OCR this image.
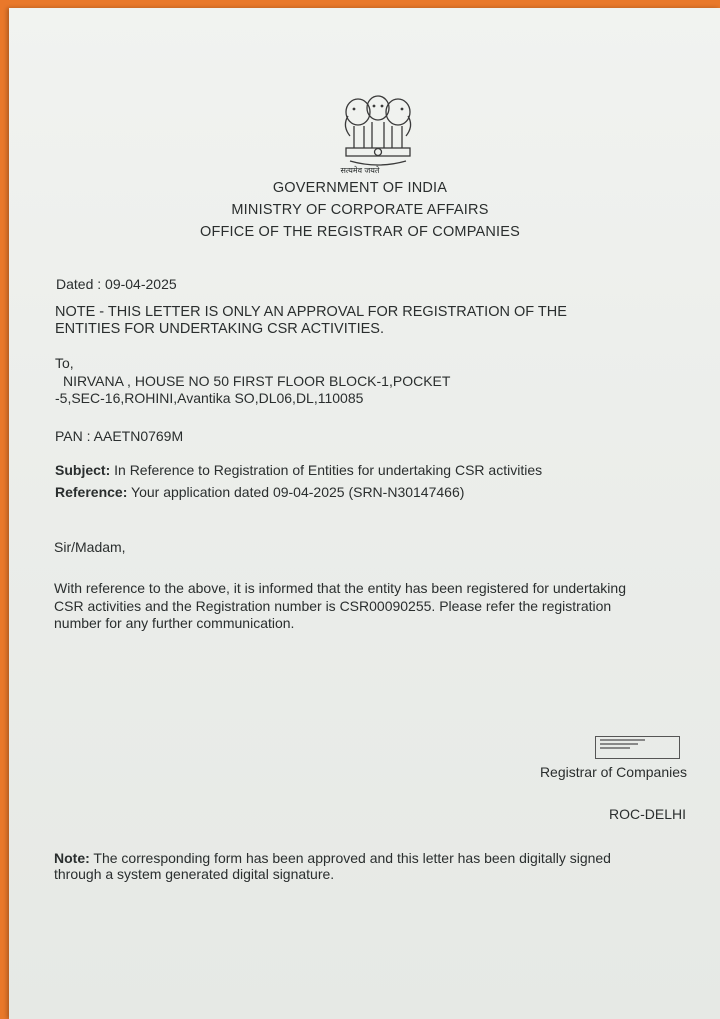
सत्यमेव जयते
GOVERNMENT OF INDIA
MINISTRY OF CORPORATE AFFAIRS
OFFICE OF THE REGISTRAR OF COMPANIES
Dated : 09-04-2025
NOTE - THIS LETTER IS ONLY AN APPROVAL FOR REGISTRATION OF THE
ENTITIES FOR UNDERTAKING CSR ACTIVITIES.
To,
NIRVANA , HOUSE NO 50 FIRST FLOOR BLOCK-1,POCKET
-5,SEC-16,ROHINI,Avantika SO,DL06,DL,110085
PAN : AAETN0769M
Subject: In Reference to Registration of Entities for undertaking CSR activities
Reference: Your application dated 09-04-2025 (SRN-N30147466)
Sir/Madam,
With reference to the above, it is informed that the entity has been registered for undertaking
CSR activities and the Registration number is CSR00090255. Please refer the registration
number for any further communication.
Registrar of Companies
ROC-DELHI
Note: The corresponding form has been approved and this letter has been digitally signed
through a system generated digital signature.
